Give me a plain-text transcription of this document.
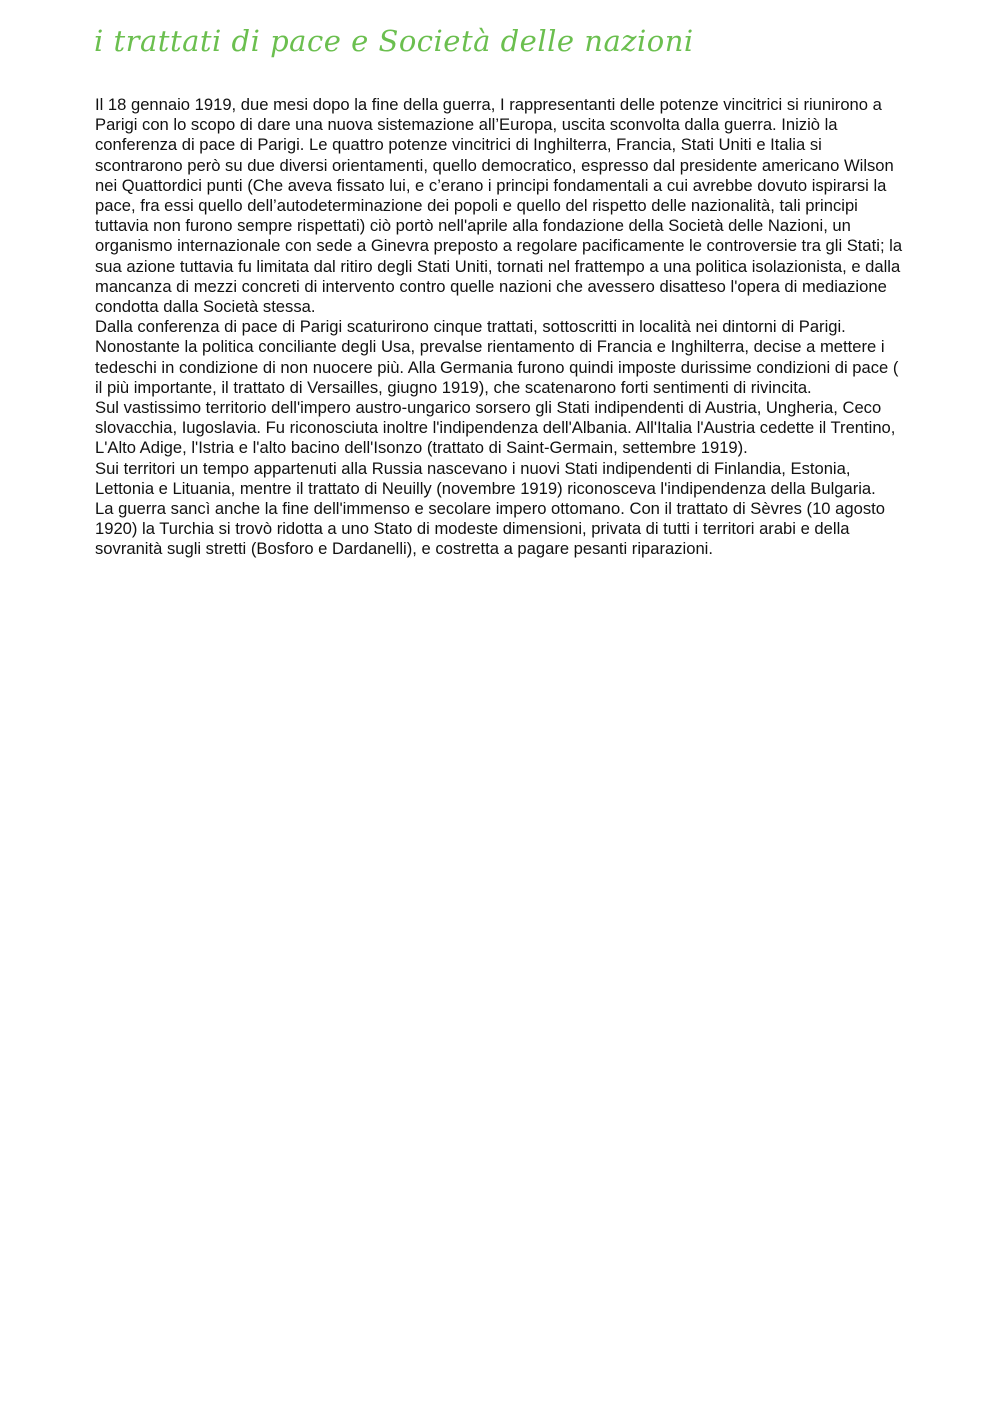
i trattati di pace e Società delle nazioni

Il 18 gennaio 1919, due mesi dopo la fine della guerra, I rappresentanti delle potenze vincitrici si riunirono a Parigi con lo scopo di dare una nuova sistemazione all’Europa, uscita sconvolta dalla guerra. Iniziò la conferenza di pace di Parigi. Le quattro potenze vincitrici di Inghilterra, Francia, Stati Uniti e Italia si scontrarono però su due diversi orientamenti, quello democratico, espresso dal presidente americano Wilson nei Quattordici punti (Che aveva fissato lui, e c’erano i principi fondamentali a cui avrebbe dovuto ispirarsi la pace, fra essi quello dell’autodeterminazione dei popoli e quello del rispetto delle nazionalità, tali principi tuttavia non furono sempre rispettati) ciò portò nell'aprile alla fondazione della Società delle Nazioni, un organismo internazionale con sede a Ginevra preposto a regolare pacificamente le controversie tra gli Stati; la sua azione tuttavia fu limitata dal ritiro degli Stati Uniti, tornati nel frattempo a una politica isolazionista, e dalla mancanza di mezzi concreti di intervento contro quelle nazioni che avessero disatteso l'opera di mediazione condotta dalla Società stessa.

Dalla conferenza di pace di Parigi scaturirono cinque trattati, sottoscritti in località nei dintorni di Parigi. Nonostante la politica conciliante degli Usa, prevalse rientamento di Francia e Inghilterra, decise a mettere i tedeschi in condizione di non nuocere più. Alla Germania furono quindi imposte durissime condizioni di pace ( il più importante, il trattato di Versailles, giugno 1919), che scatenarono forti sentimenti di rivincita.

Sul vastissimo territorio dell'impero austro-ungarico sorsero gli Stati indipendenti di Austria, Ungheria, Ceco slovacchia, Iugoslavia. Fu riconosciuta inoltre l'indipendenza dell'Albania. All'Italia l'Austria cedette il Trentino, L'Alto Adige, l'Istria e l'alto bacino dell'Isonzo (trattato di Saint-Germain, settembre 1919).

Sui territori un tempo appartenuti alla Russia nascevano i nuovi Stati indipendenti di Finlandia, Estonia, Lettonia e Lituania, mentre il trattato di Neuilly (novembre 1919) riconosceva l'indipendenza della Bulgaria.

La guerra sancì anche la fine dell'immenso e secolare impero ottomano. Con il trattato di Sèvres (10 agosto 1920) la Turchia si trovò ridotta a uno Stato di modeste dimensioni, privata di tutti i territori arabi e della sovranità sugli stretti (Bosforo e Dardanelli), e costretta a pagare pesanti riparazioni.
